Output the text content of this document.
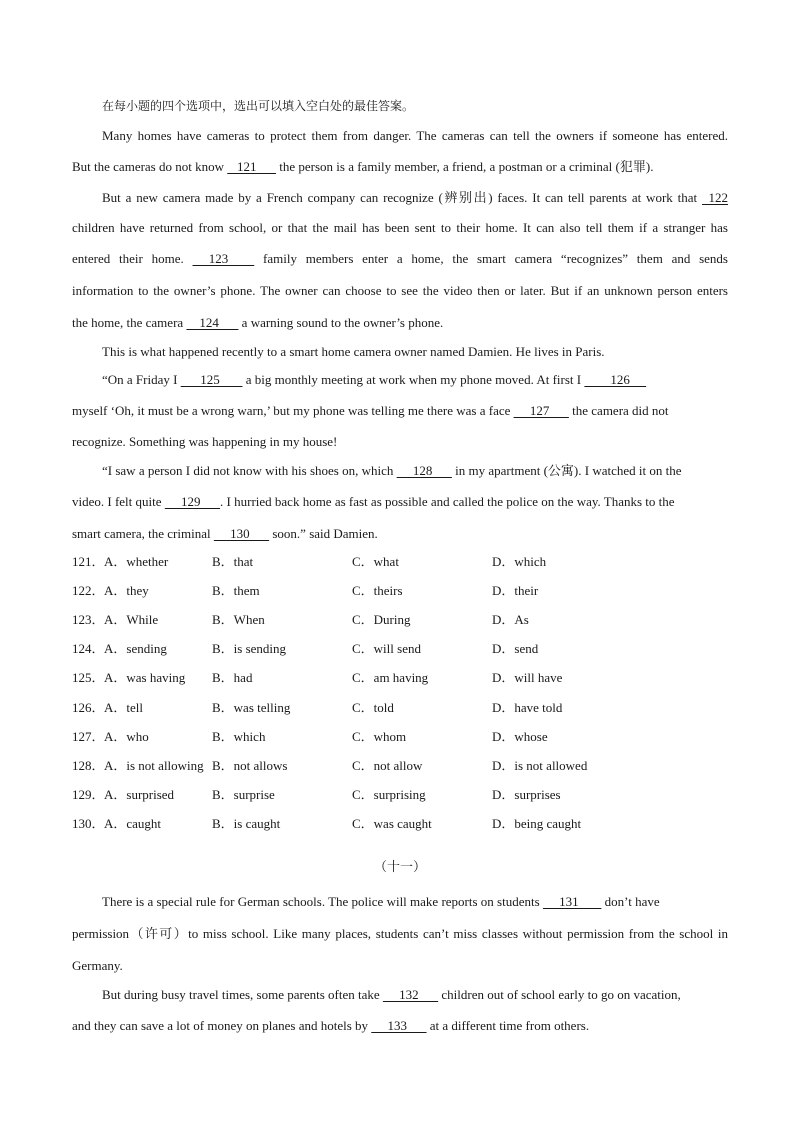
在每小题的四个选项中，选出可以填入空白处的最佳答案。

Many homes have cameras to protect them from danger. The cameras can tell the owners if someone has entered.

But the cameras do not know    121       the person is a family member, a friend, a postman or a criminal (犯罪).

But a new camera made by a French company can recognize (辨别出) faces. It can tell parents at work that   122

children have returned from school, or that the mail has been sent to their home. It can also tell them if a stranger has

entered their home.      123         family members enter a home, the smart camera “recognizes” them and sends

information to the owner’s phone. The owner can choose to see the video then or later. But if an unknown person enters

the home, the camera     124       a warning sound to the owner’s phone.

This is what happened recently to a smart home camera owner named Damien. He lives in Paris.

“On a Friday I       125        a big monthly meeting at work when my phone moved. At first I         126

myself ‘Oh, it must be a wrong warn,’ but my phone was telling me there was a face      127       the camera did not

recognize. Something was happening in my house!

“I saw a person I did not know with his shoes on, which      128       in my apartment (公寓). I watched it on the

video. I felt quite      129      . I hurried back home as fast as possible and called the police on the way. Thanks to the

smart camera, the criminal      130       soon.” said Damien.

121． A．whether	B．that	C．what	D．which
122． A．they	B．them	C．theirs	D．their
123． A．While	B．When	C．During	D．As
124． A．sending	B．is sending	C．will send	D．send
125． A．was having B．had	C．am having	D．will have
126． A．tell	B．was telling	C．told	D．have told
127． A．who	B．which	C．whom	D．whose
128． A．is not allowing B．not allows	C．not allow	D．is not allowed
129． A．surprised	B．surprise	C．surprising	D．surprises
130． A．caught	B．is caught	C．was caught	D．being caught
（十一）

There is a special rule for German schools. The police will make reports on students      131        don’t have

permission（许可）to miss school. Like many places, students can’t miss classes without permission from the school in

Germany.

But during busy travel times, some parents often take      132       children out of school early to go on vacation,

and they can save a lot of money on planes and hotels by      133       at a different time from others.
